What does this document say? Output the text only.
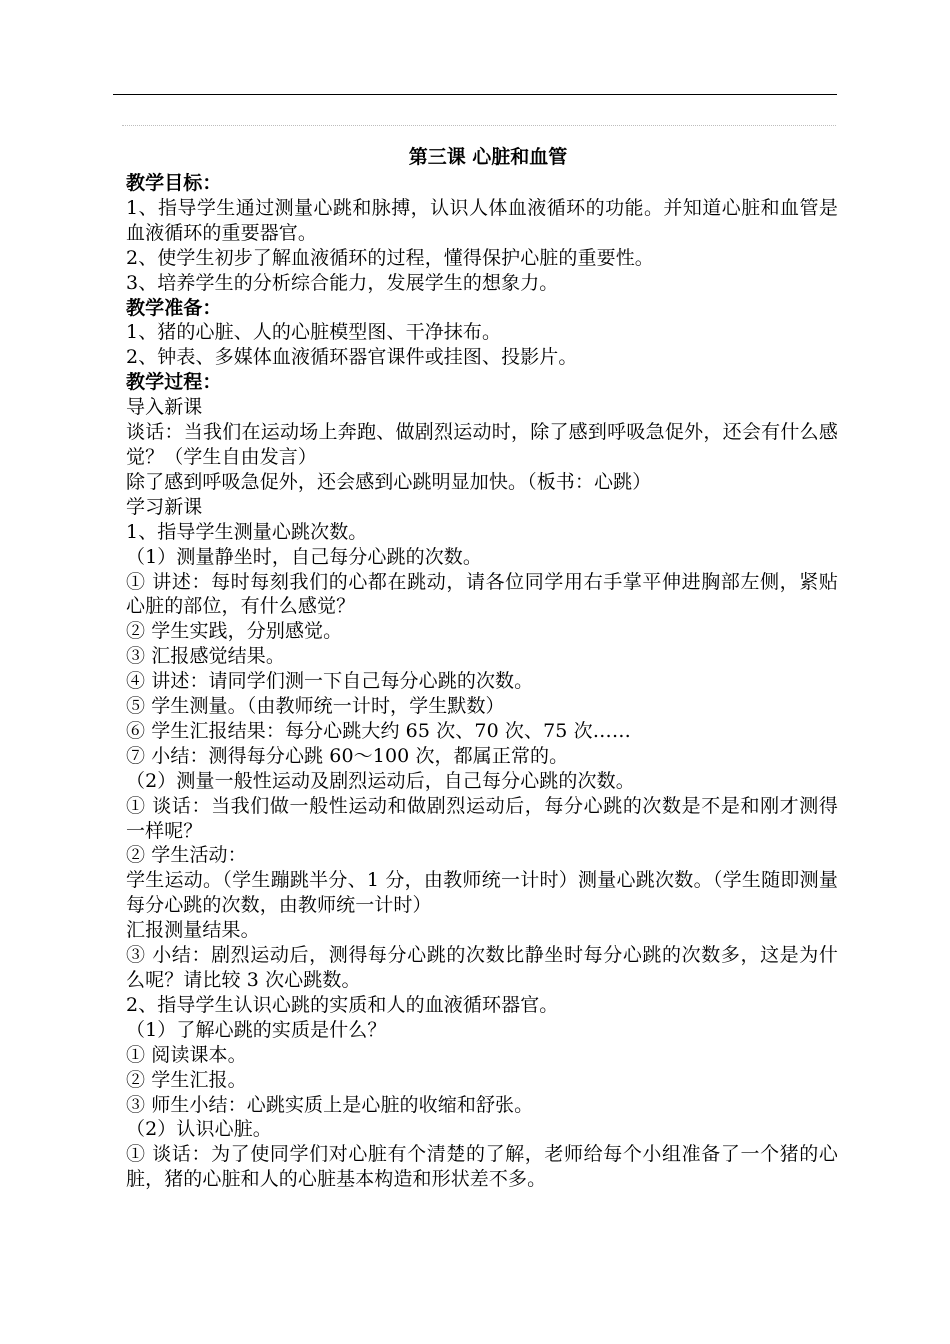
第三课 心脏和血管

教学目标：

1、指导学生通过测量心跳和脉搏，认识人体血液循环的功能。并知道心脏和血管是血液循环的重要器官。

2、使学生初步了解血液循环的过程，懂得保护心脏的重要性。

3、培养学生的分析综合能力，发展学生的想象力。

教学准备：

1、猪的心脏、人的心脏模型图、干净抹布。

2、钟表、多媒体血液循环器官课件或挂图、投影片。

教学过程：

导入新课

谈话：当我们在运动场上奔跑、做剧烈运动时，除了感到呼吸急促外，还会有什么感觉？（学生自由发言）

除了感到呼吸急促外，还会感到心跳明显加快。（板书：心跳）

学习新课

1、指导学生测量心跳次数。

（1）测量静坐时，自己每分心跳的次数。

① 讲述：每时每刻我们的心都在跳动，请各位同学用右手掌平伸进胸部左侧，紧贴心脏的部位，有什么感觉？

② 学生实践，分别感觉。

③ 汇报感觉结果。

④ 讲述：请同学们测一下自己每分心跳的次数。

⑤ 学生测量。（由教师统一计时，学生默数）

⑥ 学生汇报结果：每分心跳大约 65 次、70 次、75 次……

⑦ 小结：测得每分心跳 60～100 次，都属正常的。

（2）测量一般性运动及剧烈运动后，自己每分心跳的次数。

① 谈话：当我们做一般性运动和做剧烈运动后，每分心跳的次数是不是和刚才测得一样呢？

② 学生活动：

学生运动。（学生蹦跳半分、1 分，由教师统一计时）测量心跳次数。（学生随即测量每分心跳的次数，由教师统一计时）

汇报测量结果。

③ 小结：剧烈运动后，测得每分心跳的次数比静坐时每分心跳的次数多，这是为什么呢？请比较 3 次心跳数。

2、指导学生认识心跳的实质和人的血液循环器官。

（1）了解心跳的实质是什么？

① 阅读课本。

② 学生汇报。

③ 师生小结：心跳实质上是心脏的收缩和舒张。

（2）认识心脏。

① 谈话：为了使同学们对心脏有个清楚的了解，老师给每个小组准备了一个猪的心脏，猪的心脏和人的心脏基本构造和形状差不多。
